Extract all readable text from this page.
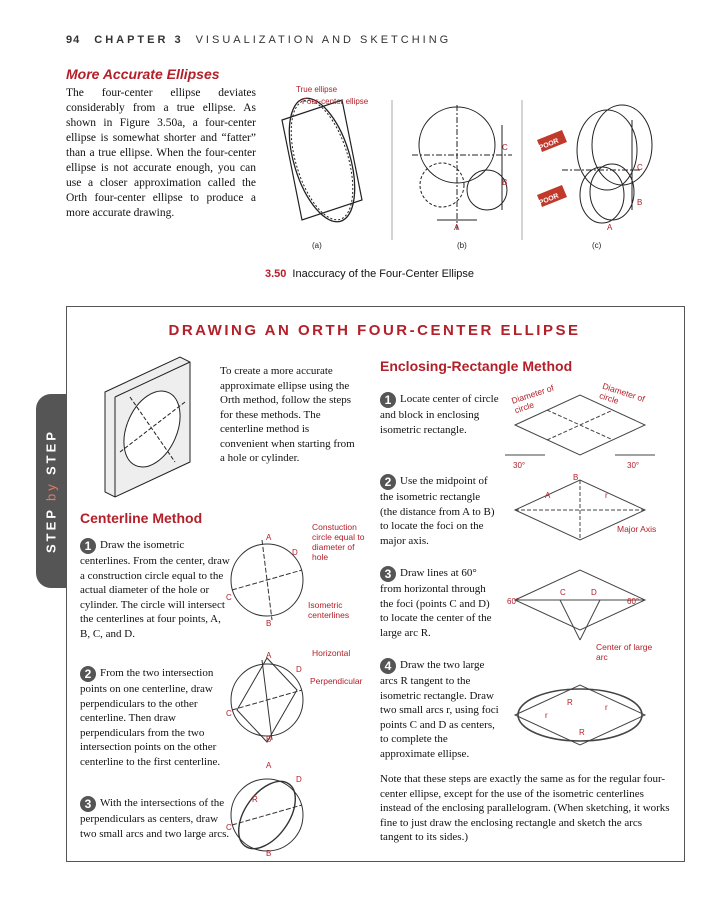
94 CHAPTER 3 VISUALIZATION AND SKETCHING
More Accurate Ellipses
The four-center ellipse deviates considerably from a true ellipse. As shown in Figure 3.50a, a four-center ellipse is somewhat shorter and “fatter” than a true ellipse. When the four-center ellipse is not accurate enough, you can use a closer approximation called the Orth four-center ellipse to produce a more accurate drawing.
POOR
POOR
True ellipse
Four-center ellipse
C
B
A
C
B
A
(a)	(b)	(c)
3.50 Inaccuracy of the Four-Center Ellipse
DRAWING AN ORTH FOUR-CENTER ELLIPSE
STEP
by
STEP
To create a more accurate approximate ellipse using the Orth method, follow the steps for these methods. The centerline method is convenient when starting from a hole or cylinder.
Centerline Method
1 Draw the isometric centerlines. From the center, draw a construction circle equal to the actual diameter of the hole or cylinder. The circle will intersect the centerlines at four points, A, B, C, and D.
2 From the two intersection points on one centerline, draw perpendiculars to the other centerline. Then draw perpendiculars from the two intersection points on the other centerline to the first centerline.
3 With the intersections of the perpendiculars as centers, draw two small arcs and two large arcs.
A
D
C
B
A
D
C
B
A
D
C
B
R
Constuction circle equal to diameter of hole
Isometric centerlines
Horizontal
Perpendicular
Enclosing-Rectangle Method
1 Locate center of circle and block in enclosing isometric rectangle.
2 Use the midpoint of the isometric rectangle (the distance from A to B) to locate the foci on the major axis.
3 Draw lines at 60° from horizontal through the foci (points C and D) to locate the center of the large arc R.
4 Draw the two large arcs R tangent to the isometric rectangle. Draw two small arcs r, using foci points C and D as centers, to complete the approximate ellipse.
30°	30°
A
B
r
60°	60°
C	D
R
R
r
r
Diameter of circle
Diameter of circle
Major Axis
Center of large arc
Note that these steps are exactly the same as for the regular four-center ellipse, except for the use of the isometric centerlines instead of the enclosing parallelogram. (When sketching, it works fine to just draw the enclosing rectangle and sketch the arcs tangent to its sides.)
